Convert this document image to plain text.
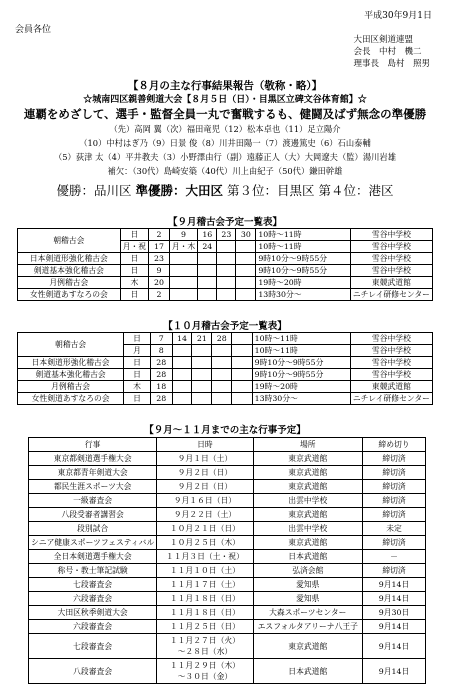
平成30年9月1日
会員各位
大田区剣道連盟
会長　中村　機二
理事長　島村　照男
【８月の主な行事結果報告（敬称・略）】
☆城南四区親善剣道大会【８月５日（日）・目黒区立碑文谷体育館】☆
連覇をめざして、選手・監督全員一丸で奮戦するも、健闘及ばず無念の準優勝
（先）高岡 翼（次）福田竜児（12）松本卓也（11）足立陽介
（10）中村はぎ乃（9）日景 俊（8）川井田陽一（7）渡邊篤史（6）石山泰輔
（5）荻津 太（4）平井教夫（3）小野澤由行（副）遠藤正人（大）大岡遼夫（監）湯川岩雄
補欠：（30代）島崎安築（40代）川上由紀子（50代）鎌田幹雄
優勝：品川区 準優勝：大田区 第３位：目黒区 第４位：港区
【９月稽古会予定一覧表】
朝稽古会	日	2	9	16	23	30	10時～11時	雪谷中学校
	月・祝	17	月・木	24			10時～11時	雪谷中学校
日本剣道形強化稽古会	日	23					9時10分～9時55分	雪谷中学校
剣道基本強化稽古会	日	9					9時10分～9時55分	雪谷中学校
月例稽古会	木	20					19時～20時	東競武道館
女性剣道あすなろの会	日	2					13時30分～	ニチレイ研修センター
【１０月稽古会予定一覧表】
朝稽古会	日	7	14	21	28		10時～11時	雪谷中学校
	月	8					10時～11時	雪谷中学校
日本剣道形強化稽古会	日	28					9時10分～9時55分	雪谷中学校
剣道基本強化稽古会	日	28					9時10分～9時55分	雪谷中学校
月例稽古会	木	18					19時～20時	東競武道館
女性剣道あすなろの会	日	28					13時30分～	ニチレイ研修センター
【９月～１１月までの主な行事予定】
行事	日時	場所	締め切り
東京都剣道選手権大会	９月１日（土）	東京武道館	締切済
東京都青年剣道大会	９月２日（日）	東京武道館	締切済
都民生涯スポーツ大会	９月２日（日）	東京武道館	締切済
一級審査会	９月１６日（日）	出雲中学校	締切済
八段受審者講習会	９月２２日（土）	東京武道館	締切済
段別試合	１０月２１日（日）	出雲中学校	未定
シニア健康スポーツフェスティバル	１０月２５日（木）	東京武道館	締切済
全日本剣道選手権大会	１１月３日（土・祝）	日本武道館	－
称号・教士筆記試験	１１月１０日（土）	弘済会館	締切済
七段審査会	１１月１７日（土）	愛知県	9月14日
六段審査会	１１月１８日（日）	愛知県	9月14日
大田区秋季剣道大会	１１月１８日（日）	大森スポーツセンター	9月30日
六段審査会	１１月２５日（日）	エスフォルタアリーナ八王子	9月14日
七段審査会	１１月２７日（火）
～２８日（水）	東京武道館	9月14日
八段審査会	１１月２９日（木）
～３０日（金）	日本武道館	9月14日
